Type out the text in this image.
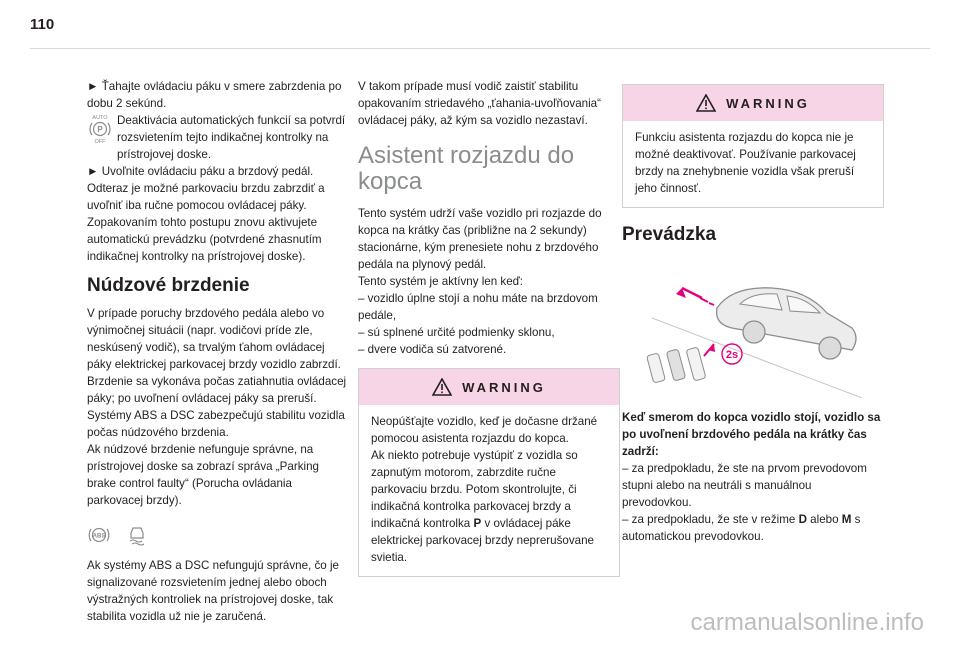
110

► Ťahajte ovládaciu páku v smere zabrzdenia po dobu 2 sekúnd.

AUTO
P
OFF
Deaktivácia automatických funkcií sa potvrdí rozsvietením tejto indikačnej kontrolky na prístrojovej doske.

► Uvoľnite ovládaciu páku a brzdový pedál.

Odteraz je možné parkovaciu brzdu zabrzdiť a uvoľniť iba ručne pomocou ovládacej páky.

Zopakovaním tohto postupu znovu aktivujete automatickú prevádzku (potvrdené zhasnutím indikačnej kontrolky na prístrojovej doske).

Núdzové brzdenie

V prípade poruchy brzdového pedála alebo vo výnimočnej situácii (napr. vodičovi príde zle, neskúsený vodič), sa trvalým ťahom ovládacej páky elektrickej parkovacej brzdy vozidlo zabrzdí. Brzdenie sa vykonáva počas zatiahnutia ovládacej páky; po uvoľnení ovládacej páky sa preruší.

Systémy ABS a DSC zabezpečujú stabilitu vozidla počas núdzového brzdenia.

Ak núdzové brzdenie nefunguje správne, na prístrojovej doske sa zobrazí správa „Parking brake control faulty“ (Porucha ovládania parkovacej brzdy).

ABS

Ak systémy ABS a DSC nefungujú správne, čo je signalizované rozsvietením jednej alebo oboch výstražných kontroliek na prístrojovej doske, tak stabilita vozidla už nie je zaručená.

V takom prípade musí vodič zaistiť stabilitu opakovaním striedavého „ťahania-uvoľňovania“ ovládacej páky, až kým sa vozidlo nezastaví.

Asistent rozjazdu do kopca

Tento systém udrží vaše vozidlo pri rozjazde do kopca na krátky čas (približne na 2 sekundy) stacionárne, kým prenesiete nohu z brzdového pedála na plynový pedál.

Tento systém je aktívny len keď:

– vozidlo úplne stojí a nohu máte na brzdovom pedále,

– sú splnené určité podmienky sklonu,

– dvere vodiča sú zatvorené.

WARNING

Neopúšťajte vozidlo, keď je dočasne držané pomocou asistenta rozjazdu do kopca.

Ak niekto potrebuje vystúpiť z vozidla so zapnutým motorom, zabrzdite ručne parkovaciu brzdu. Potom skontrolujte, či indikačná kontrolka parkovacej brzdy a indikačná kontrolka P v ovládacej páke elektrickej parkovacej brzdy neprerušovane svietia.

WARNING

Funkciu asistenta rozjazdu do kopca nie je možné deaktivovať. Používanie parkovacej brzdy na znehybnenie vozidla však preruší jeho činnosť.

Prevádzka
2s

Keď smerom do kopca vozidlo stojí, vozidlo sa po uvoľnení brzdového pedála na krátky čas zadrží:

– za predpokladu, že ste na prvom prevodovom stupni alebo na neutráli s manuálnou prevodovkou.

– za predpokladu, že ste v režime D alebo M s automatickou prevodovkou.

carmanualsonline.info
